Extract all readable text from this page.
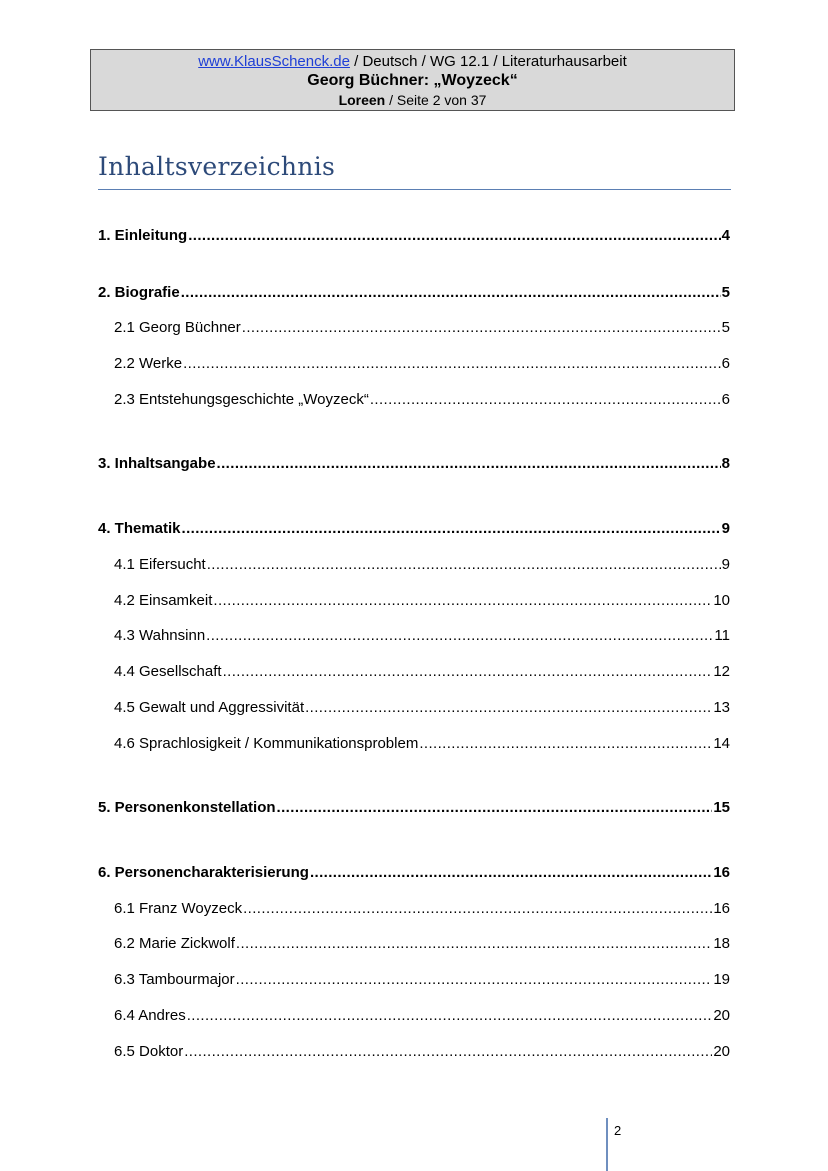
www.KlausSchenck.de / Deutsch / WG 12.1 / Literaturhausarbeit
Georg Büchner: „Woyzeck“
Loreen / Seite 2 von 37
Inhaltsverzeichnis
1. Einleitung .....	4
2. Biografie .....	5
2.1 Georg Büchner .....	5
2.2 Werke .....	6
2.3 Entstehungsgeschichte „Woyzeck“ .....	6
3. Inhaltsangabe .....	8
4. Thematik .....	9
4.1 Eifersucht .....	9
4.2 Einsamkeit .....	10
4.3 Wahnsinn .....	11
4.4 Gesellschaft .....	12
4.5 Gewalt und Aggressivität .....	13
4.6 Sprachlosigkeit / Kommunikationsproblem .....	14
5. Personenkonstellation .....	15
6. Personencharakterisierung .....	16
6.1 Franz Woyzeck .....	16
6.2 Marie Zickwolf .....	18
6.3 Tambourmajor .....	19
6.4 Andres .....	20
6.5 Doktor .....	20
2
